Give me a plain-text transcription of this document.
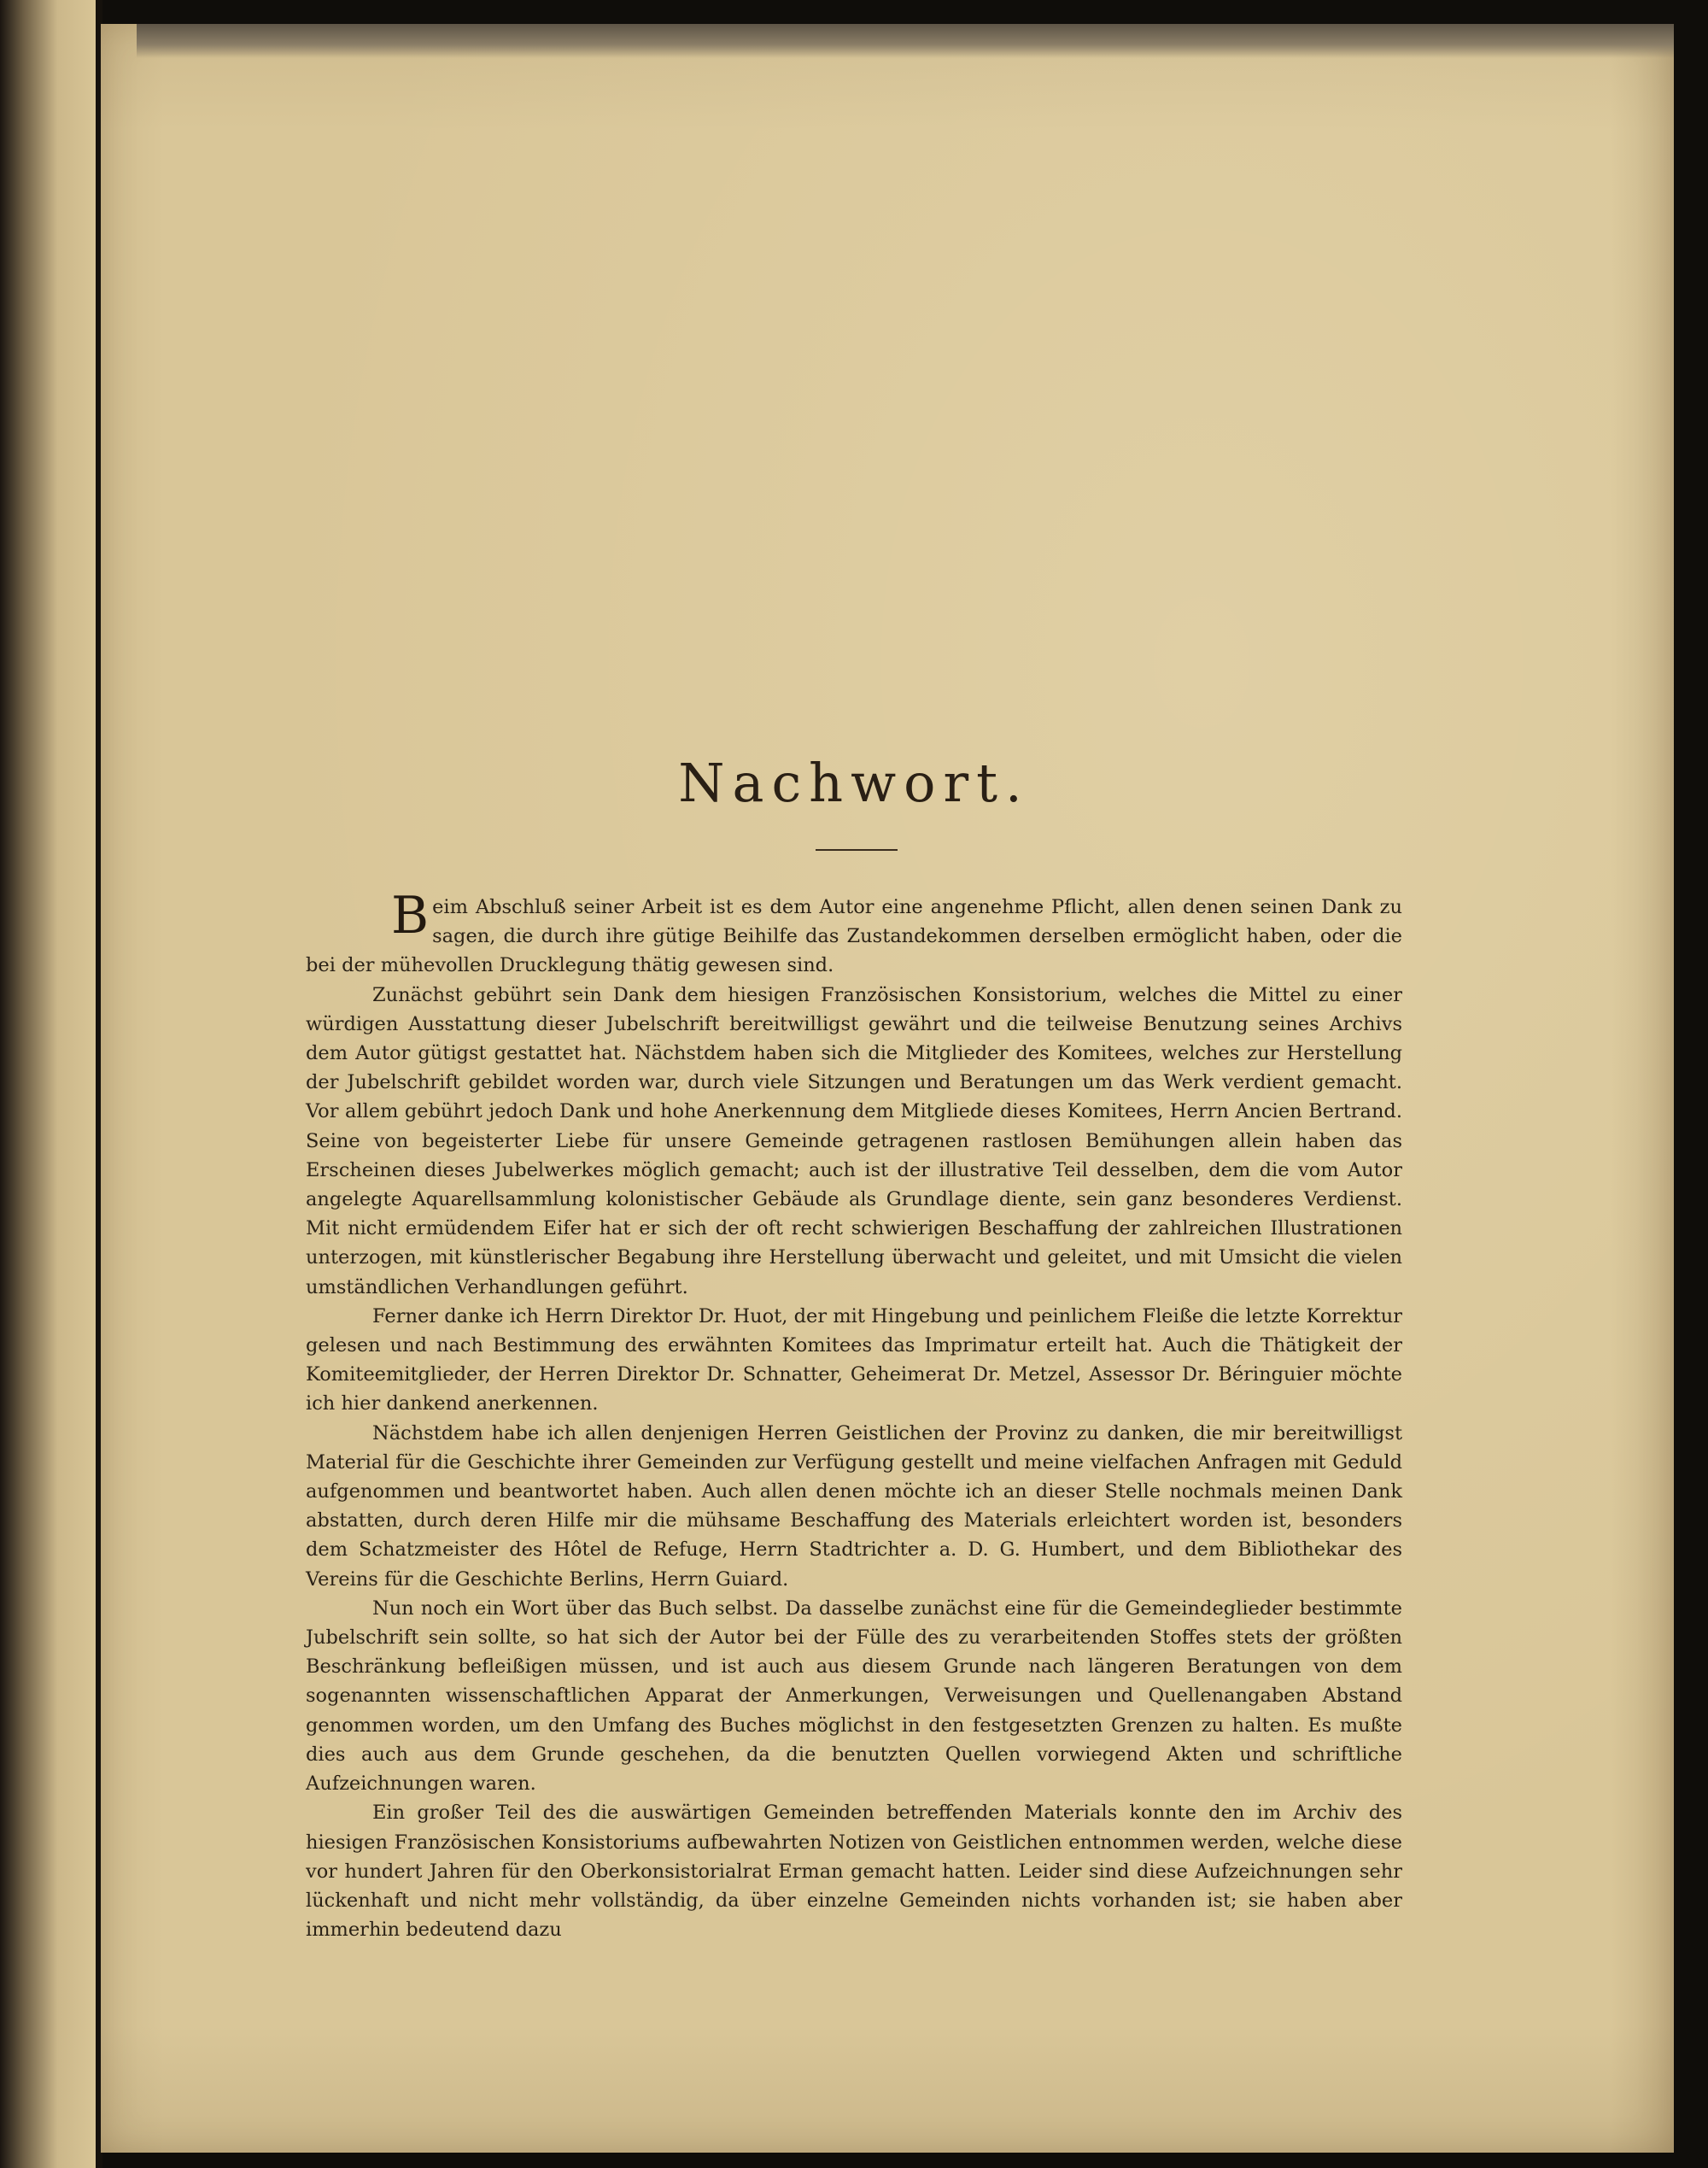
Nachwort.

Beim Abschluß seiner Arbeit ist es dem Autor eine angenehme Pflicht, allen denen seinen Dank zu sagen, die durch ihre gütige Beihilfe das Zustandekommen derselben ermöglicht haben, oder die bei der mühevollen Drucklegung thätig gewesen sind.

Zunächst gebührt sein Dank dem hiesigen Französischen Konsistorium, welches die Mittel zu einer würdigen Ausstattung dieser Jubelschrift bereitwilligst gewährt und die teilweise Benutzung seines Archivs dem Autor gütigst gestattet hat. Nächstdem haben sich die Mitglieder des Komitees, welches zur Herstellung der Jubelschrift gebildet worden war, durch viele Sitzungen und Beratungen um das Werk verdient gemacht. Vor allem gebührt jedoch Dank und hohe Anerkennung dem Mitgliede dieses Komitees, Herrn Ancien Bertrand. Seine von begeisterter Liebe für unsere Gemeinde getragenen rastlosen Bemühungen allein haben das Erscheinen dieses Jubelwerkes möglich gemacht; auch ist der illustrative Teil desselben, dem die vom Autor angelegte Aquarellsammlung kolonistischer Gebäude als Grundlage diente, sein ganz besonderes Verdienst. Mit nicht ermüdendem Eifer hat er sich der oft recht schwierigen Beschaffung der zahlreichen Illustrationen unterzogen, mit künstlerischer Begabung ihre Herstellung überwacht und geleitet, und mit Umsicht die vielen umständlichen Verhandlungen geführt.

Ferner danke ich Herrn Direktor Dr. Huot, der mit Hingebung und peinlichem Fleiße die letzte Korrektur gelesen und nach Bestimmung des erwähnten Komitees das Imprimatur erteilt hat. Auch die Thätigkeit der Komiteemitglieder, der Herren Direktor Dr. Schnatter, Geheimerat Dr. Metzel, Assessor Dr. Béringuier möchte ich hier dankend anerkennen.

Nächstdem habe ich allen denjenigen Herren Geistlichen der Provinz zu danken, die mir bereitwilligst Material für die Geschichte ihrer Gemeinden zur Verfügung gestellt und meine vielfachen Anfragen mit Geduld aufgenommen und beantwortet haben. Auch allen denen möchte ich an dieser Stelle nochmals meinen Dank abstatten, durch deren Hilfe mir die mühsame Beschaffung des Materials erleichtert worden ist, besonders dem Schatzmeister des Hôtel de Refuge, Herrn Stadtrichter a. D. G. Humbert, und dem Bibliothekar des Vereins für die Geschichte Berlins, Herrn Guiard.

Nun noch ein Wort über das Buch selbst. Da dasselbe zunächst eine für die Gemeindeglieder bestimmte Jubelschrift sein sollte, so hat sich der Autor bei der Fülle des zu verarbeitenden Stoffes stets der größten Beschränkung befleißigen müssen, und ist auch aus diesem Grunde nach längeren Beratungen von dem sogenannten wissenschaftlichen Apparat der Anmerkungen, Verweisungen und Quellenangaben Abstand genommen worden, um den Umfang des Buches möglichst in den festgesetzten Grenzen zu halten. Es mußte dies auch aus dem Grunde geschehen, da die benutzten Quellen vorwiegend Akten und schriftliche Aufzeichnungen waren.

Ein großer Teil des die auswärtigen Gemeinden betreffenden Materials konnte den im Archiv des hiesigen Französischen Konsistoriums aufbewahrten Notizen von Geistlichen entnommen werden, welche diese vor hundert Jahren für den Oberkonsistorialrat Erman gemacht hatten. Leider sind diese Aufzeichnungen sehr lückenhaft und nicht mehr vollständig, da über einzelne Gemeinden nichts vorhanden ist; sie haben aber immerhin bedeutend dazu
